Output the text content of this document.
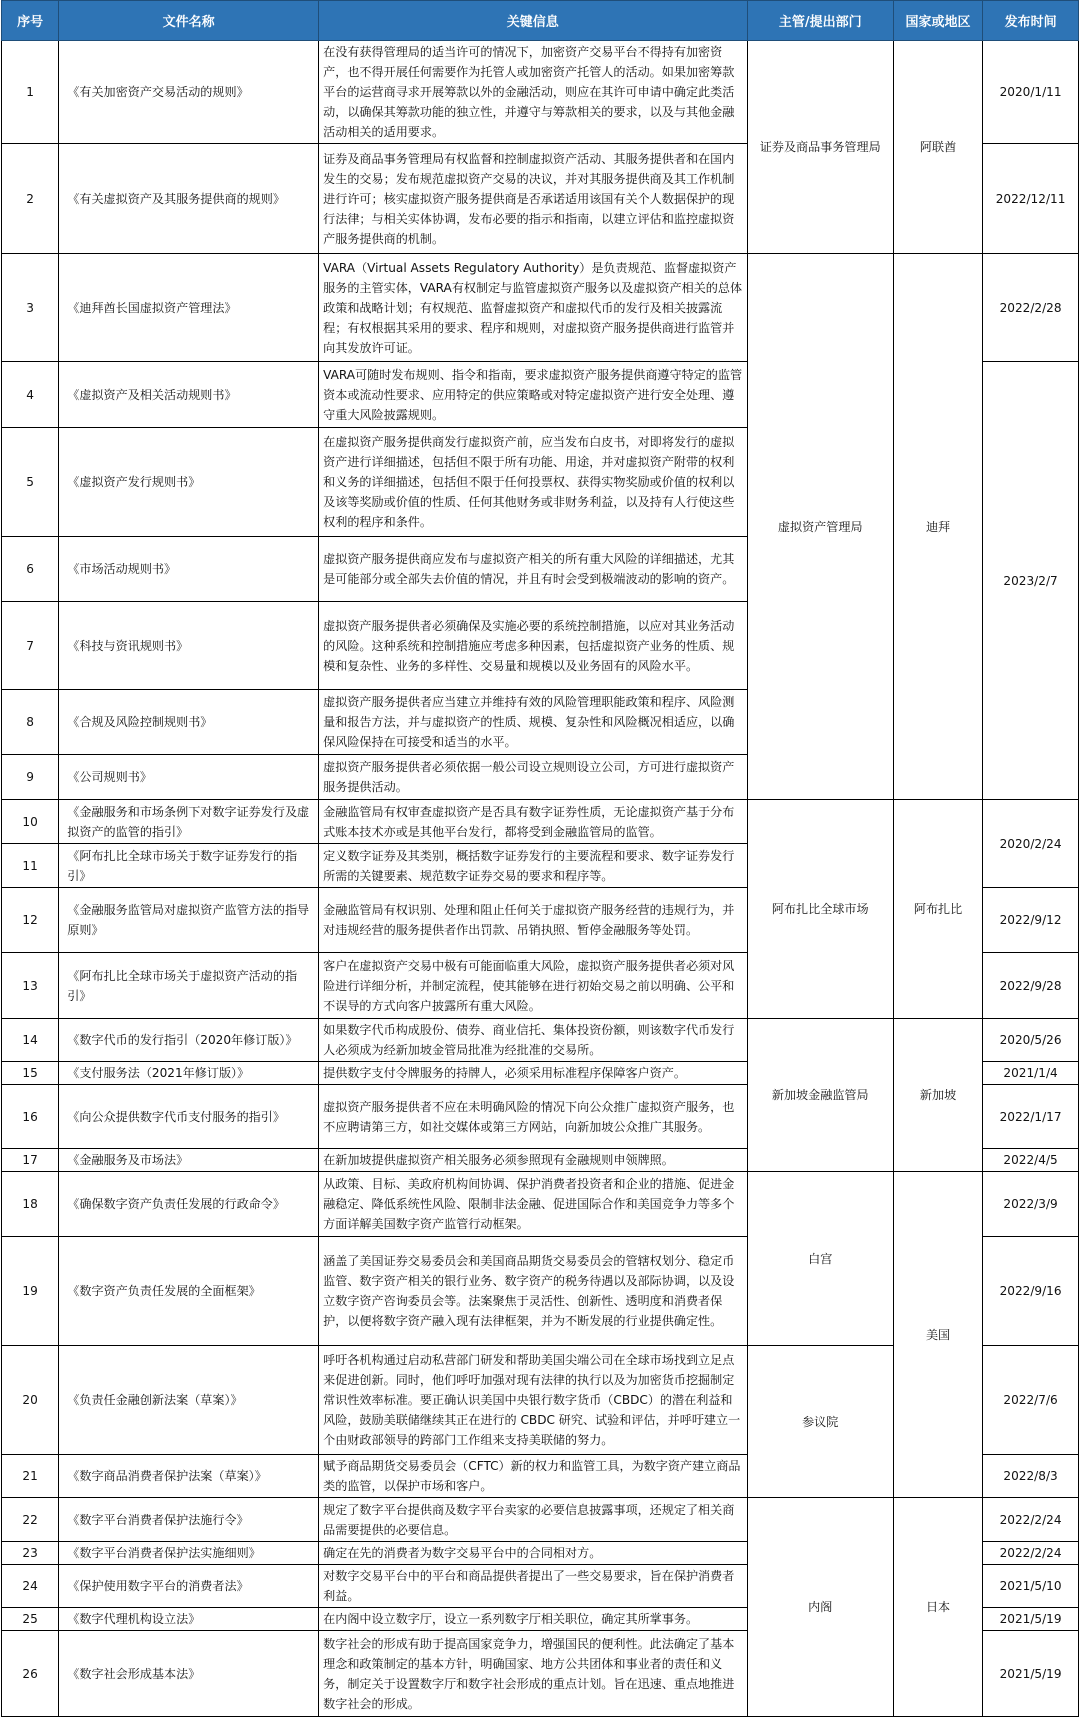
序号	文件名称	关键信息	主管/提出部门	国家或地区	发布时间
1	《有关加密资产交易活动的规则》	在没有获得管理局的适当许可的情况下，加密资产交易平台不得持有加密资产，也不得开展任何需要作为托管人或加密资产托管人的活动。如果加密筹款平台的运营商寻求开展筹款以外的金融活动，则应在其许可申请中确定此类活动，以确保其筹款功能的独立性，并遵守与筹款相关的要求，以及与其他金融活动相关的适用要求。	证券及商品事务管理局	阿联酋	2020/1/11
2	《有关虚拟资产及其服务提供商的规则》	证券及商品事务管理局有权监督和控制虚拟资产活动、其服务提供者和在国内发生的交易；发布规范虚拟资产交易的决议，并对其服务提供商及其工作机制进行许可；核实虚拟资产服务提供商是否承诺适用该国有关个人数据保护的现行法律；与相关实体协调，发布必要的指示和指南，以建立评估和监控虚拟资产服务提供商的机制。			2022/12/11
3	《迪拜酋长国虚拟资产管理法》	VARA（Virtual Assets Regulatory Authority）是负责规范、监督虚拟资产服务的主管实体，VARA有权制定与监管虚拟资产服务以及虚拟资产相关的总体政策和战略计划；有权规范、监督虚拟资产和虚拟代币的发行及相关披露流程；有权根据其采用的要求、程序和规则，对虚拟资产服务提供商进行监管并向其发放许可证。	虚拟资产管理局	迪拜	2022/2/28
4	《虚拟资产及相关活动规则书》	VARA可随时发布规则、指令和指南，要求虚拟资产服务提供商遵守特定的监管资本或流动性要求、应用特定的供应策略或对特定虚拟资产进行安全处理、遵守重大风险披露规则。			2023/2/7
5	《虚拟资产发行规则书》	在虚拟资产服务提供商发行虚拟资产前，应当发布白皮书，对即将发行的虚拟资产进行详细描述，包括但不限于所有功能、用途，并对虚拟资产附带的权利和义务的详细描述，包括但不限于任何投票权、获得实物奖励或价值的权利以及该等奖励或价值的性质、任何其他财务或非财务利益，以及持有人行使这些权利的程序和条件。			
6	《市场活动规则书》	虚拟资产服务提供商应发布与虚拟资产相关的所有重大风险的详细描述，尤其是可能部分或全部失去价值的情况，并且有时会受到极端波动的影响的资产。			
7	《科技与资讯规则书》	虚拟资产服务提供者必须确保及实施必要的系统控制措施，以应对其业务活动的风险。这种系统和控制措施应考虑多种因素，包括虚拟资产业务的性质、规模和复杂性、业务的多样性、交易量和规模以及业务固有的风险水平。			
8	《合规及风险控制规则书》	虚拟资产服务提供者应当建立并维持有效的风险管理职能政策和程序、风险测量和报告方法，并与虚拟资产的性质、规模、复杂性和风险概况相适应，以确保风险保持在可接受和适当的水平。			
9	《公司规则书》	虚拟资产服务提供者必须依据一般公司设立规则设立公司，方可进行虚拟资产服务提供活动。			
10	《金融服务和市场条例下对数字证券发行及虚拟资产的监管的指引》	金融监管局有权审查虚拟资产是否具有数字证券性质，无论虚拟资产基于分布式账本技术亦或是其他平台发行，都将受到金融监管局的监管。	阿布扎比全球市场	阿布扎比	2020/2/24
11	《阿布扎比全球市场关于数字证券发行的指引》	定义数字证券及其类别，概括数字证券发行的主要流程和要求、数字证券发行所需的关键要素、规范数字证券交易的要求和程序等。			
12	《金融服务监管局对虚拟资产监管方法的指导原则》	金融监管局有权识别、处理和阻止任何关于虚拟资产服务经营的违规行为，并对违规经营的服务提供者作出罚款、吊销执照、暂停金融服务等处罚。			2022/9/12
13	《阿布扎比全球市场关于虚拟资产活动的指引》	客户在虚拟资产交易中极有可能面临重大风险，虚拟资产服务提供者必须对风险进行详细分析，并制定流程，使其能够在进行初始交易之前以明确、公平和不误导的方式向客户披露所有重大风险。			2022/9/28
14	《数字代币的发行指引（2020年修订版）》	如果数字代币构成股份、债券、商业信托、集体投资份额，则该数字代币发行人必须成为经新加坡金管局批准为经批准的交易所。	新加坡金融监管局	新加坡	2020/5/26
15	《支付服务法（2021年修订版）》	提供数字支付令牌服务的持牌人，必须采用标准程序保障客户资产。			2021/1/4
16	《向公众提供数字代币支付服务的指引》	虚拟资产服务提供者不应在未明确风险的情况下向公众推广虚拟资产服务，也不应聘请第三方，如社交媒体或第三方网站，向新加坡公众推广其服务。			2022/1/17
17	《金融服务及市场法》	在新加坡提供虚拟资产相关服务必须参照现有金融规则申领牌照。			2022/4/5
18	《确保数字资产负责任发展的行政命令》	从政策、目标、美政府机构间协调、保护消费者投资者和企业的措施、促进金融稳定、降低系统性风险、限制非法金融、促进国际合作和美国竞争力等多个方面详解美国数字资产监管行动框架。	白宫	美国	2022/3/9
19	《数字资产负责任发展的全面框架》	涵盖了美国证券交易委员会和美国商品期货交易委员会的管辖权划分、稳定币监管、数字资产相关的银行业务、数字资产的税务待遇以及部际协调，以及设立数字资产咨询委员会等。法案聚焦于灵活性、创新性、透明度和消费者保护，以便将数字资产融入现有法律框架，并为不断发展的行业提供确定性。			2022/9/16
20	《负责任金融创新法案（草案）》	呼吁各机构通过启动私营部门研发和帮助美国尖端公司在全球市场找到立足点来促进创新。同时，他们呼吁加强对现有法律的执行以及为加密货币挖掘制定常识性效率标准。要正确认识美国中央银行数字货币（CBDC）的潜在利益和风险，鼓励美联储继续其正在进行的 CBDC 研究、试验和评估，并呼吁建立一个由财政部领导的跨部门工作组来支持美联储的努力。	参议院		2022/7/6
21	《数字商品消费者保护法案（草案）》	赋予商品期货交易委员会（CFTC）新的权力和监管工具，为数字资产建立商品类的监管，以保护市场和客户。			2022/8/3
22	《数字平台消费者保护法施行令》	规定了数字平台提供商及数字平台卖家的必要信息披露事项，还规定了相关商品需要提供的必要信息。	内阁	日本	2022/2/24
23	《数字平台消费者保护法实施细则》	确定在先的消费者为数字交易平台中的合同相对方。			2022/2/24
24	《保护使用数字平台的消费者法》	对数字交易平台中的平台和商品提供者提出了一些交易要求，旨在保护消费者利益。			2021/5/10
25	《数字代理机构设立法》	在内阁中设立数字厅，设立一系列数字厅相关职位，确定其所掌事务。			2021/5/19
26	《数字社会形成基本法》	数字社会的形成有助于提高国家竞争力，增强国民的便利性。此法确定了基本理念和政策制定的基本方针，明确国家、地方公共团体和事业者的责任和义务，制定关于设置数字厅和数字社会形成的重点计划。旨在迅速、重点地推进数字社会的形成。			2021/5/19
